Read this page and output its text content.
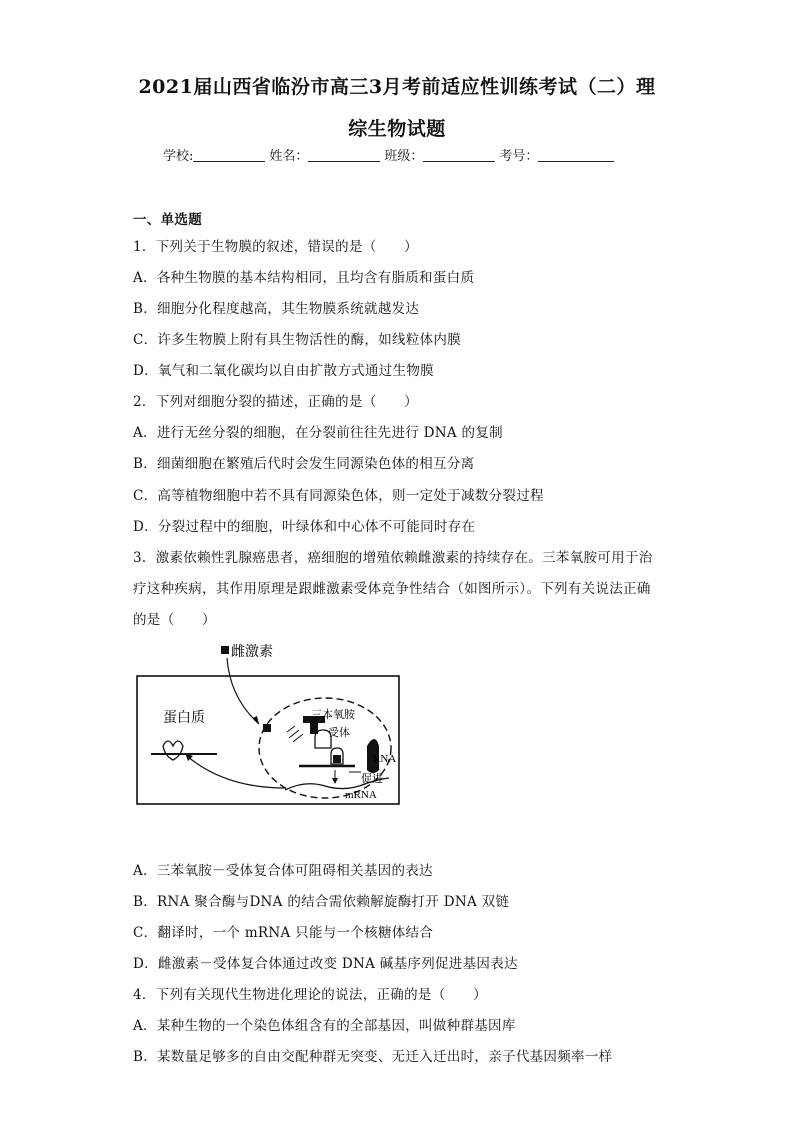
2021届山西省临汾市高三3月考前适应性训练考试（二）理
综生物试题
学校:	姓名：	班级：	考号：
一、单选题
1．下列关于生物膜的叙述，错误的是（　　）
A．各种生物膜的基本结构相同，且均含有脂质和蛋白质
B．细胞分化程度越高，其生物膜系统就越发达
C．许多生物膜上附有具生物活性的酶，如线粒体内膜
D．氧气和二氧化碳均以自由扩散方式通过生物膜
2．下列对细胞分裂的描述，正确的是（　　）
A．进行无丝分裂的细胞，在分裂前往往先进行 DNA 的复制
B．细菌细胞在繁殖后代时会发生同源染色体的相互分离
C．高等植物细胞中若不具有同源染色体，则一定处于减数分裂过程
D．分裂过程中的细胞，叶绿体和中心体不可能同时存在
3．激素依赖性乳腺癌患者，癌细胞的增殖依赖雌激素的持续存在。三苯氧胺可用于治
疗这种疾病，其作用原理是跟雌激素受体竞争性结合（如图所示）。下列有关说法正确
的是（　　）
雌激素
三本氧胺
受体
RNA
促进
mRNA
蛋白质
A．三苯氧胺－受体复合体可阻碍相关基因的表达
B．RNA 聚合酶与DNA 的结合需依赖解旋酶打开 DNA 双链
C．翻译时，一个 mRNA 只能与一个核糖体结合
D．雌激素－受体复合体通过改变 DNA 碱基序列促进基因表达
4．下列有关现代生物进化理论的说法，正确的是（　　）
A．某种生物的一个染色体组含有的全部基因，叫做种群基因库
B．某数量足够多的自由交配种群无突变、无迁入迁出时，亲子代基因频率一样
